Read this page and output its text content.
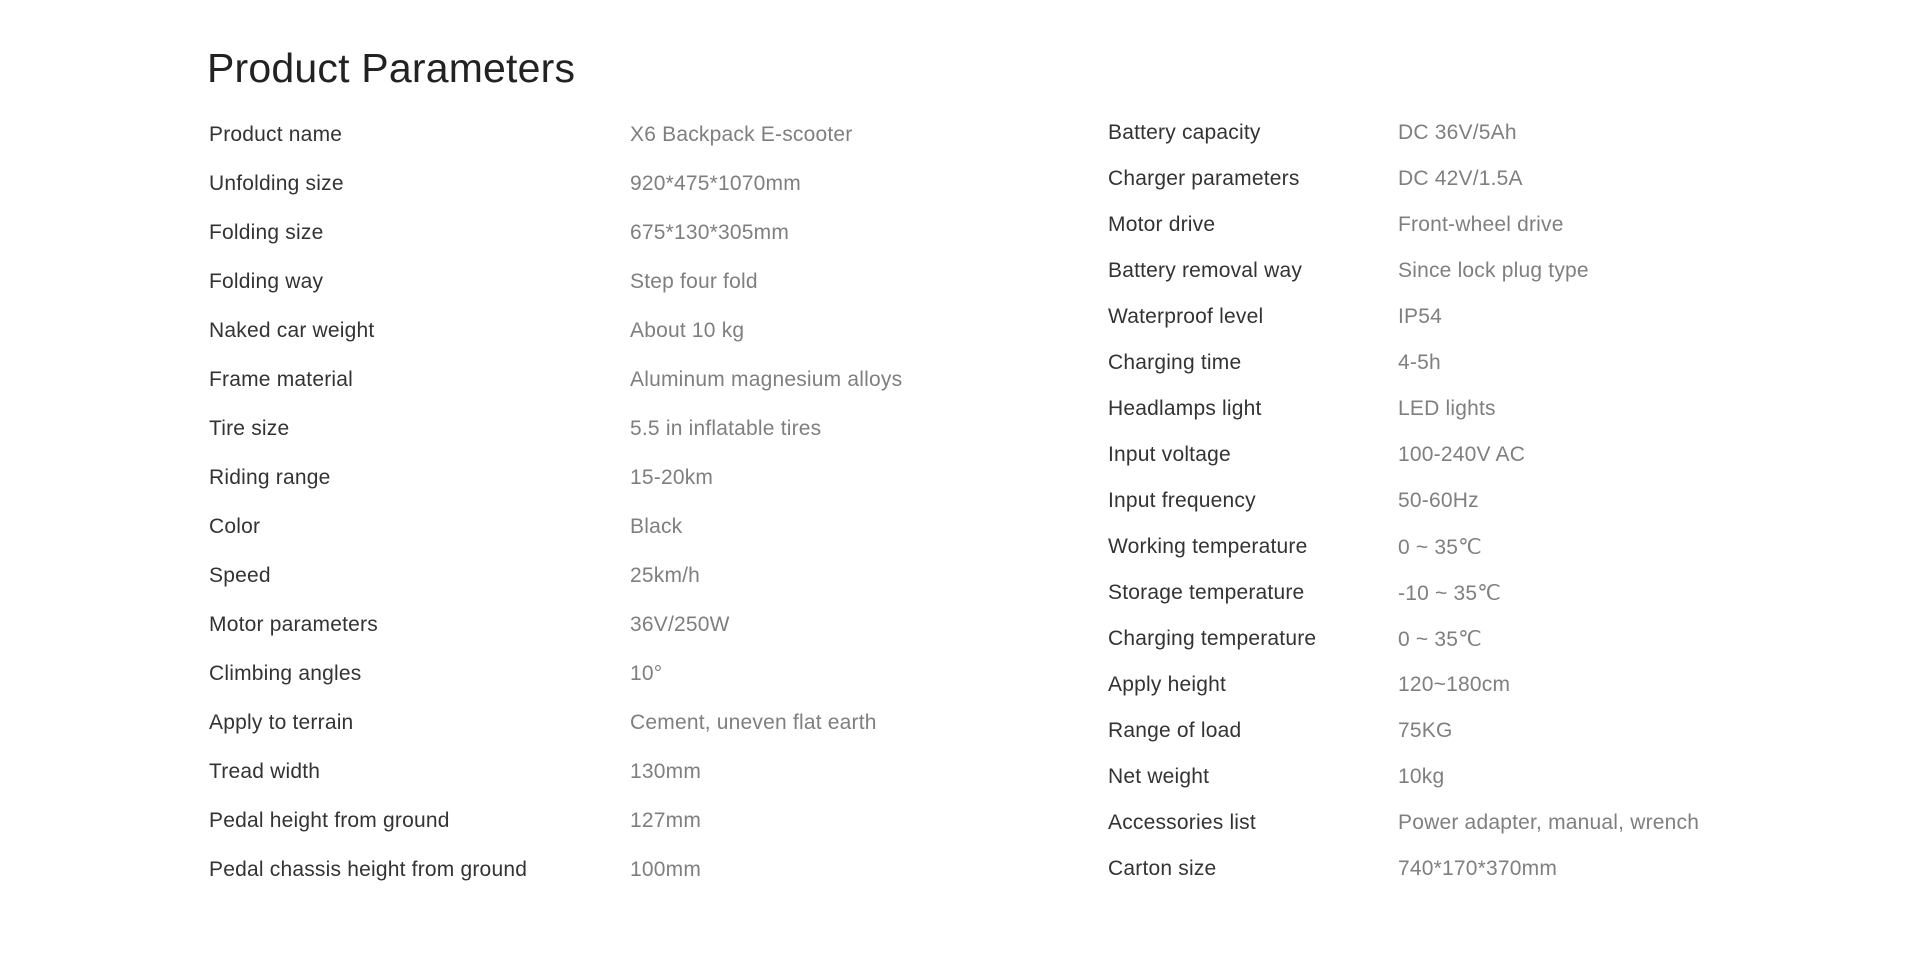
Product Parameters
Product name	X6 Backpack E-scooter
Unfolding size	920*475*1070mm
Folding size	675*130*305mm
Folding way	Step four fold
Naked car weight	About 10 kg
Frame material	Aluminum magnesium alloys
Tire size	5.5 in inflatable tires
Riding range	15-20km
Color	Black
Speed	25km/h
Motor parameters	36V/250W
Climbing angles	10°
Apply to terrain	Cement, uneven flat earth
Tread width	130mm
Pedal height from ground	127mm
Pedal chassis height from ground	100mm
Battery capacity	DC 36V/5Ah
Charger parameters	DC 42V/1.5A
Motor drive	Front-wheel drive
Battery removal way	Since lock plug type
Waterproof level	IP54
Charging time	4-5h
Headlamps light	LED lights
Input voltage	100-240V AC
Input frequency	50-60Hz
Working temperature	0 ~ 35℃
Storage temperature	-10 ~ 35℃
Charging temperature	0 ~ 35℃
Apply height	120~180cm
Range of load	75KG
Net weight	10kg
Accessories list	Power adapter, manual, wrench
Carton size	740*170*370mm
